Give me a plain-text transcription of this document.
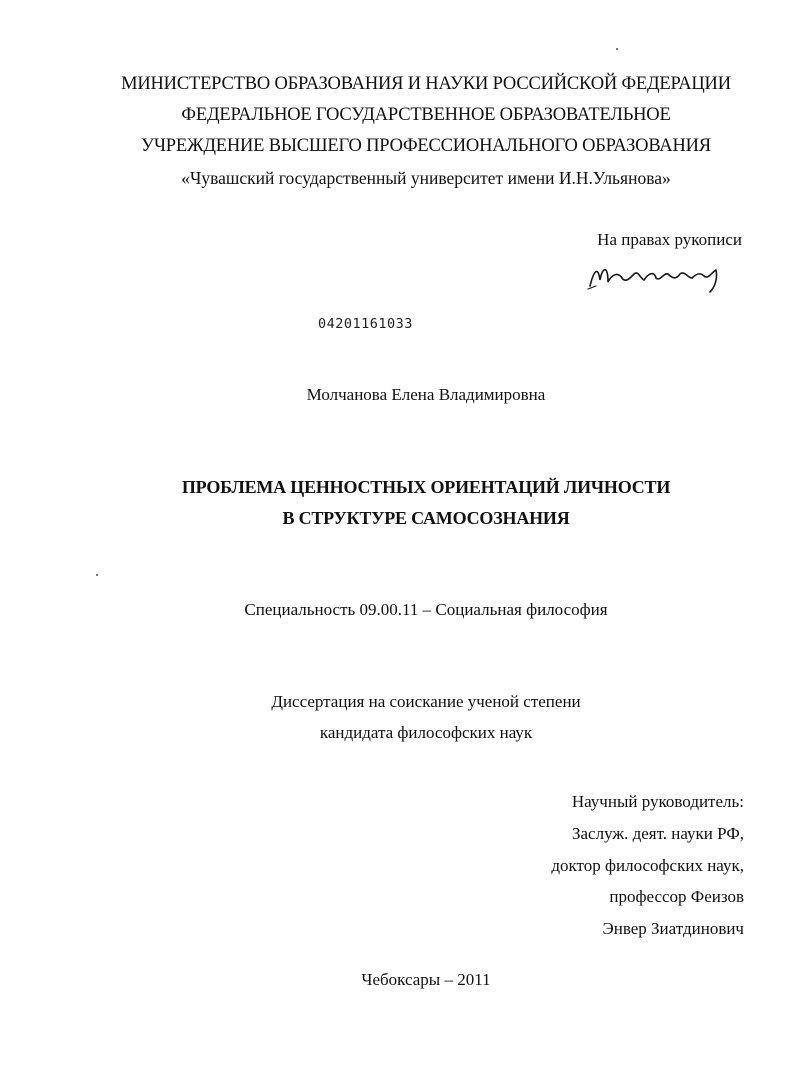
МИНИСТЕРСТВО ОБРАЗОВАНИЯ И НАУКИ РОССИЙСКОЙ ФЕДЕРАЦИИ
ФЕДЕРАЛЬНОЕ ГОСУДАРСТВЕННОЕ ОБРАЗОВАТЕЛЬНОЕ
УЧРЕЖДЕНИЕ ВЫСШЕГО ПРОФЕССИОНАЛЬНОГО ОБРАЗОВАНИЯ
«Чувашский государственный университет имени И.Н.Ульянова»
На правах рукописи
04201161033
Молчанова Елена Владимировна
ПРОБЛЕМА ЦЕННОСТНЫХ ОРИЕНТАЦИЙ ЛИЧНОСТИ
В СТРУКТУРЕ САМОСОЗНАНИЯ
Специальность 09.00.11 – Социальная философия
Диссертация на соискание ученой степени
кандидата философских наук
Научный руководитель:
Заслуж. деят. науки РФ,
доктор философских наук,
профессор Феизов
Энвер Зиатдинович
Чебоксары – 2011
